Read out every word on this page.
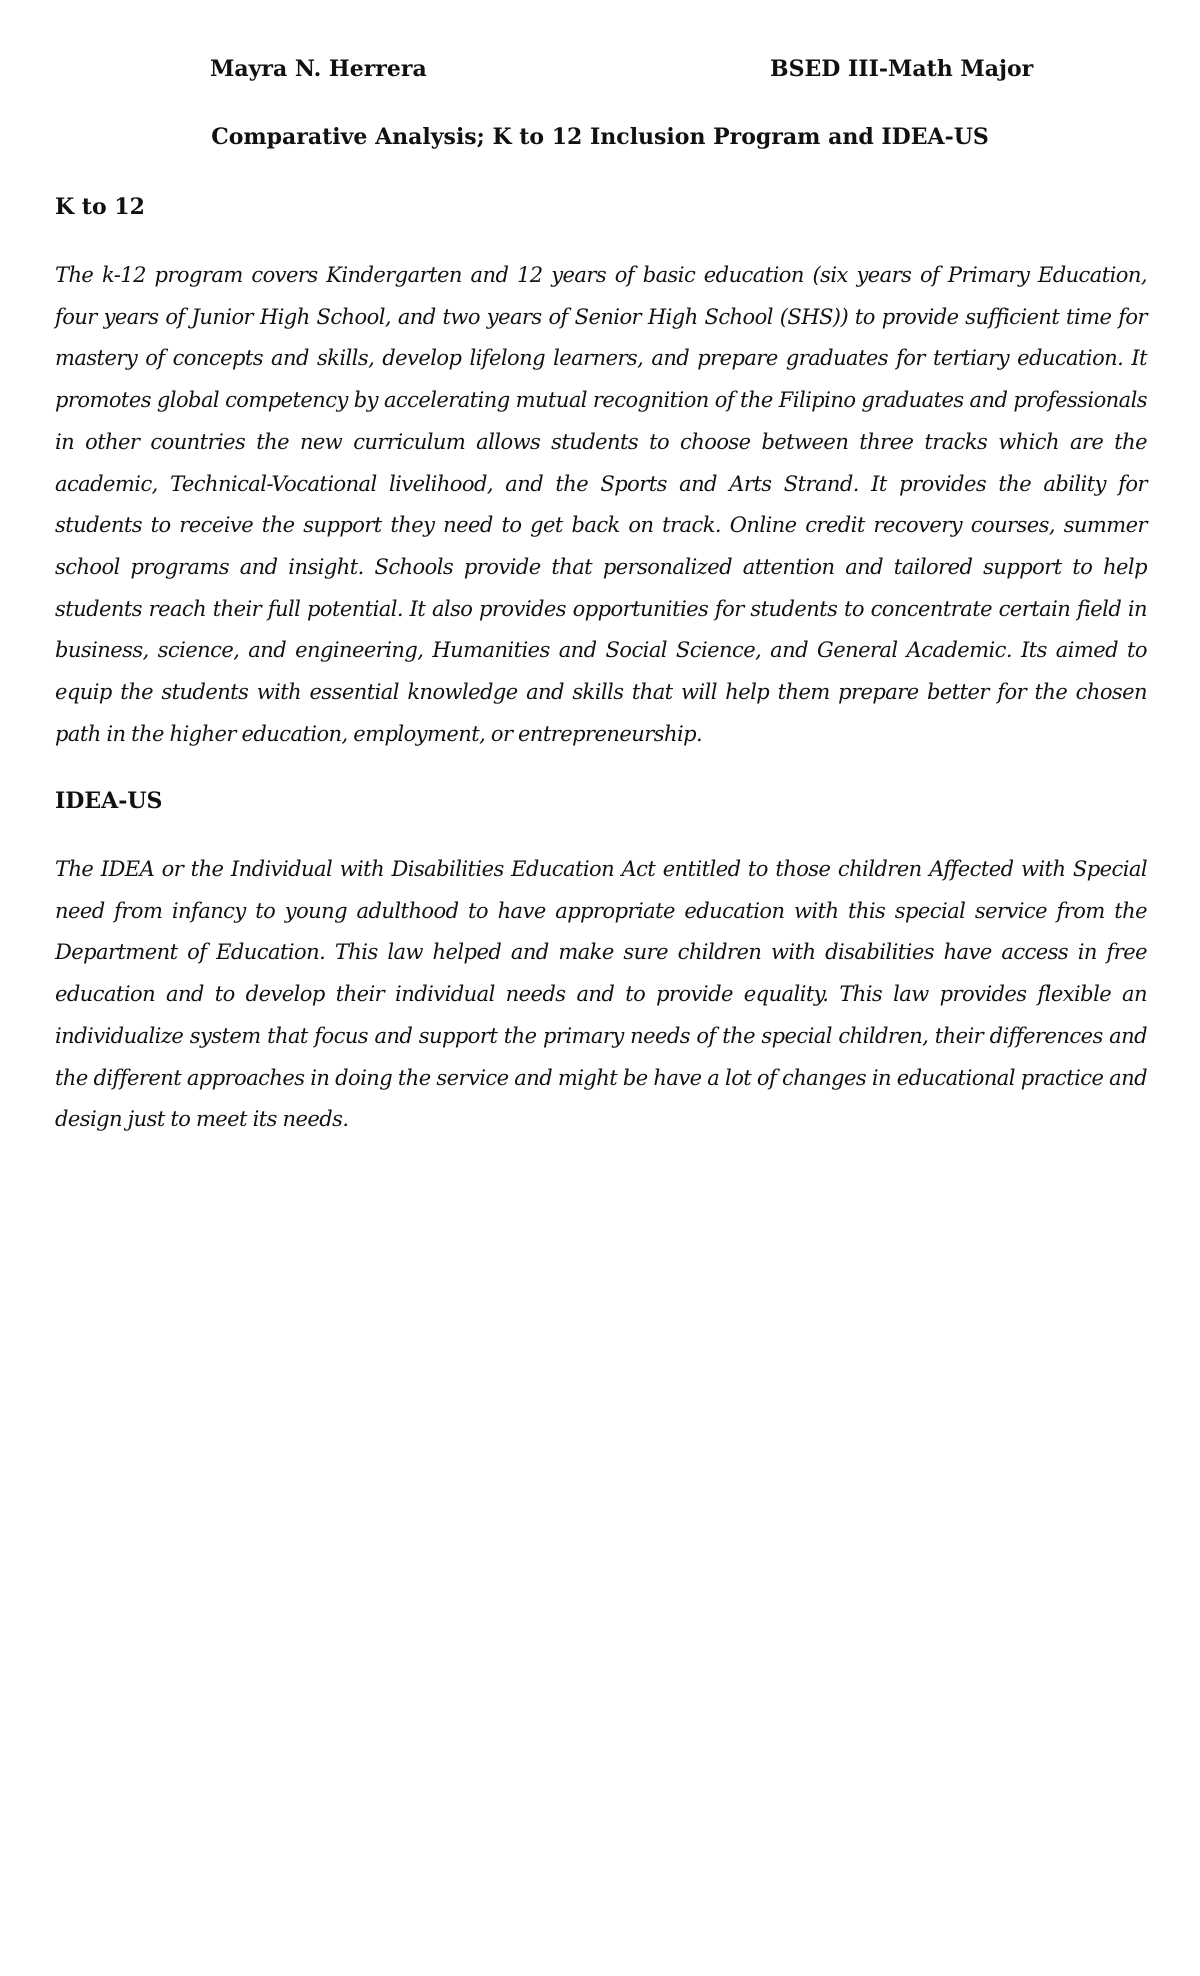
Mayra N. Herrera	BSED III-Math Major

Comparative Analysis; K to 12 Inclusion Program and IDEA-US
K to 12

The k-12 program covers Kindergarten and 12 years of basic education (six years of Primary Education, four years of Junior High School, and two years of Senior High School (SHS)) to provide sufficient time for mastery of concepts and skills, develop lifelong learners, and prepare graduates for tertiary education. It promotes global competency by accelerating mutual recognition of the Filipino graduates and professionals in other countries the new curriculum allows students to choose between three tracks which are the academic, Technical-Vocational livelihood, and the Sports and Arts Strand. It provides the ability for students to receive the support they need to get back on track. Online credit recovery courses, summer school programs and insight. Schools provide that personalized attention and tailored support to help students reach their full potential. It also provides opportunities for students to concentrate certain field in business, science, and engineering, Humanities and Social Science, and General Academic. Its aimed to equip the students with essential knowledge and skills that will help them prepare better for the chosen path in the higher education, employment, or entrepreneurship.

IDEA-US

The IDEA or the Individual with Disabilities Education Act entitled to those children Affected with Special need from infancy to young adulthood to have appropriate education with this special service from the Department of Education. This law helped and make sure children with disabilities have access in free education and to develop their individual needs and to provide equality. This law provides flexible an individualize system that focus and support the primary needs of the special children, their differences and the different approaches in doing the service and might be have a lot of changes in educational practice and design just to meet its needs.
